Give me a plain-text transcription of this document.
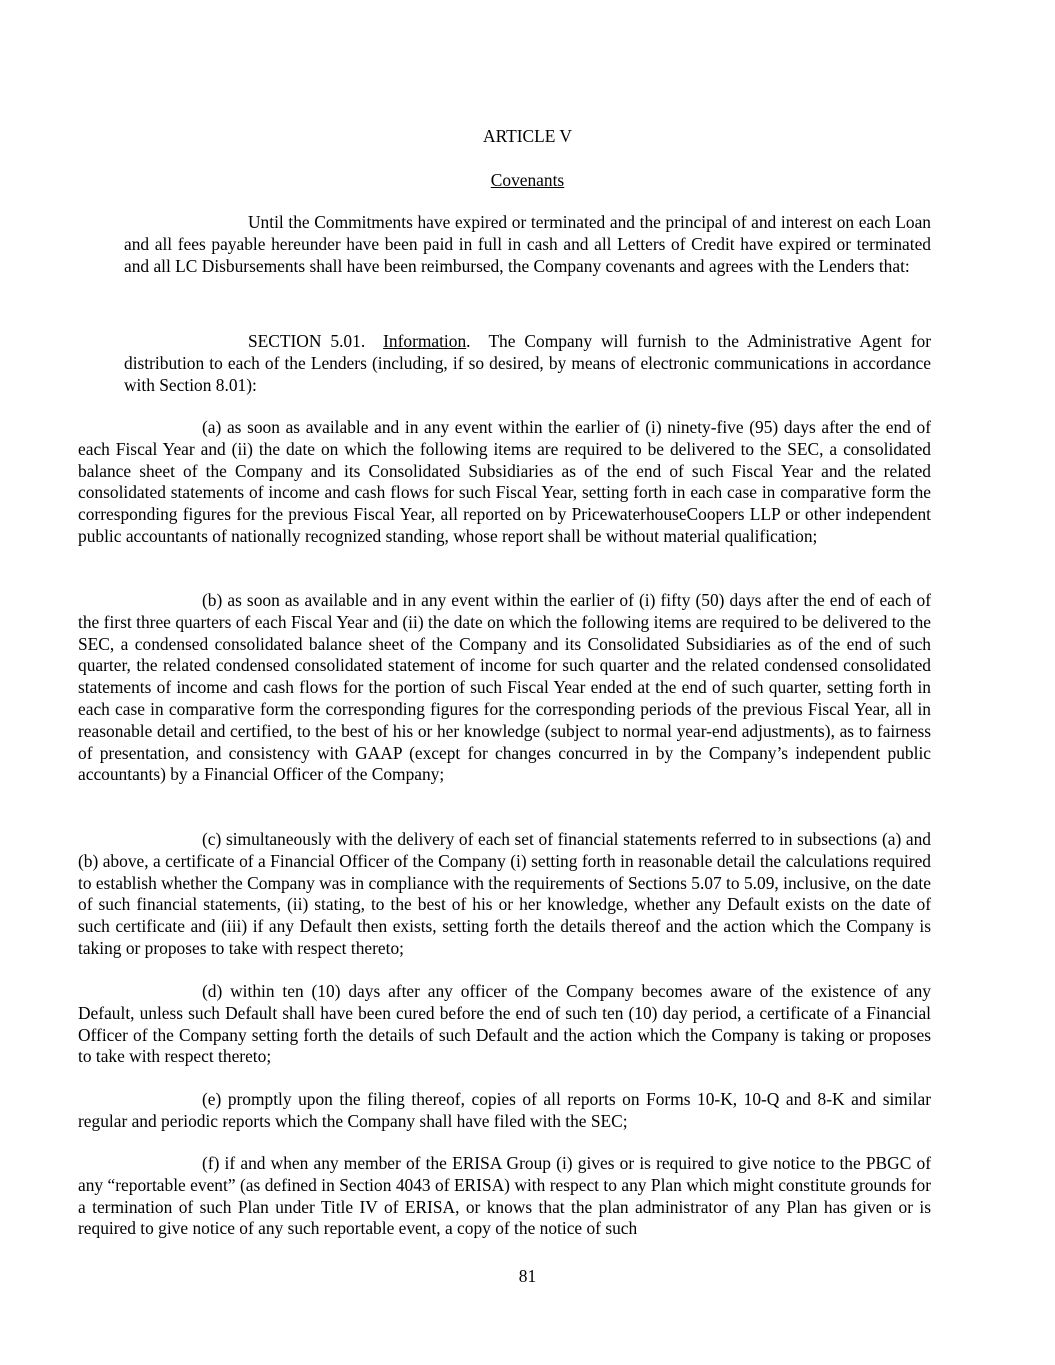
ARTICLE V
Covenants

Until the Commitments have expired or terminated and the principal of and interest on each Loan and all fees payable hereunder have been paid in full in cash and all Letters of Credit have expired or terminated and all LC Disbursements shall have been reimbursed, the Company covenants and agrees with the Lenders that:

SECTION 5.01. Information.  The Company will furnish to the Administrative Agent for distribution to each of the Lenders (including, if so desired, by means of electronic communications in accordance with Section 8.01):

(a) as soon as available and in any event within the earlier of (i) ninety-five (95) days after the end of each Fiscal Year and (ii) the date on which the following items are required to be delivered to the SEC, a consolidated balance sheet of the Company and its Consolidated Subsidiaries as of the end of such Fiscal Year and the related consolidated statements of income and cash flows for such Fiscal Year, setting forth in each case in comparative form the corresponding figures for the previous Fiscal Year, all reported on by PricewaterhouseCoopers LLP or other independent public accountants of nationally recognized standing, whose report shall be without material qualification;

(b) as soon as available and in any event within the earlier of (i) fifty (50) days after the end of each of the first three quarters of each Fiscal Year and (ii) the date on which the following items are required to be delivered to the SEC, a condensed consolidated balance sheet of the Company and its Consolidated Subsidiaries as of the end of such quarter, the related condensed consolidated statement of income for such quarter and the related condensed consolidated statements of income and cash flows for the portion of such Fiscal Year ended at the end of such quarter, setting forth in each case in comparative form the corresponding figures for the corresponding periods of the previous Fiscal Year, all in reasonable detail and certified, to the best of his or her knowledge (subject to normal year-end adjustments), as to fairness of presentation, and consistency with GAAP (except for changes concurred in by the Company’s independent public accountants) by a Financial Officer of the Company;

(c) simultaneously with the delivery of each set of financial statements referred to in subsections (a) and (b) above, a certificate of a Financial Officer of the Company (i) setting forth in reasonable detail the calculations required to establish whether the Company was in compliance with the requirements of Sections 5.07 to 5.09, inclusive, on the date of such financial statements, (ii) stating, to the best of his or her knowledge, whether any Default exists on the date of such certificate and (iii) if any Default then exists, setting forth the details thereof and the action which the Company is taking or proposes to take with respect thereto;

(d) within ten (10) days after any officer of the Company becomes aware of the existence of any Default, unless such Default shall have been cured before the end of such ten (10) day period, a certificate of a Financial Officer of the Company setting forth the details of such Default and the action which the Company is taking or proposes to take with respect thereto;

(e) promptly upon the filing thereof, copies of all reports on Forms 10-K, 10-Q and 8-K and similar regular and periodic reports which the Company shall have filed with the SEC;

(f) if and when any member of the ERISA Group (i) gives or is required to give notice to the PBGC of any “reportable event” (as defined in Section 4043 of ERISA) with respect to any Plan which might constitute grounds for a termination of such Plan under Title IV of ERISA, or knows that the plan administrator of any Plan has given or is required to give notice of any such reportable event, a copy of the notice of such

81
